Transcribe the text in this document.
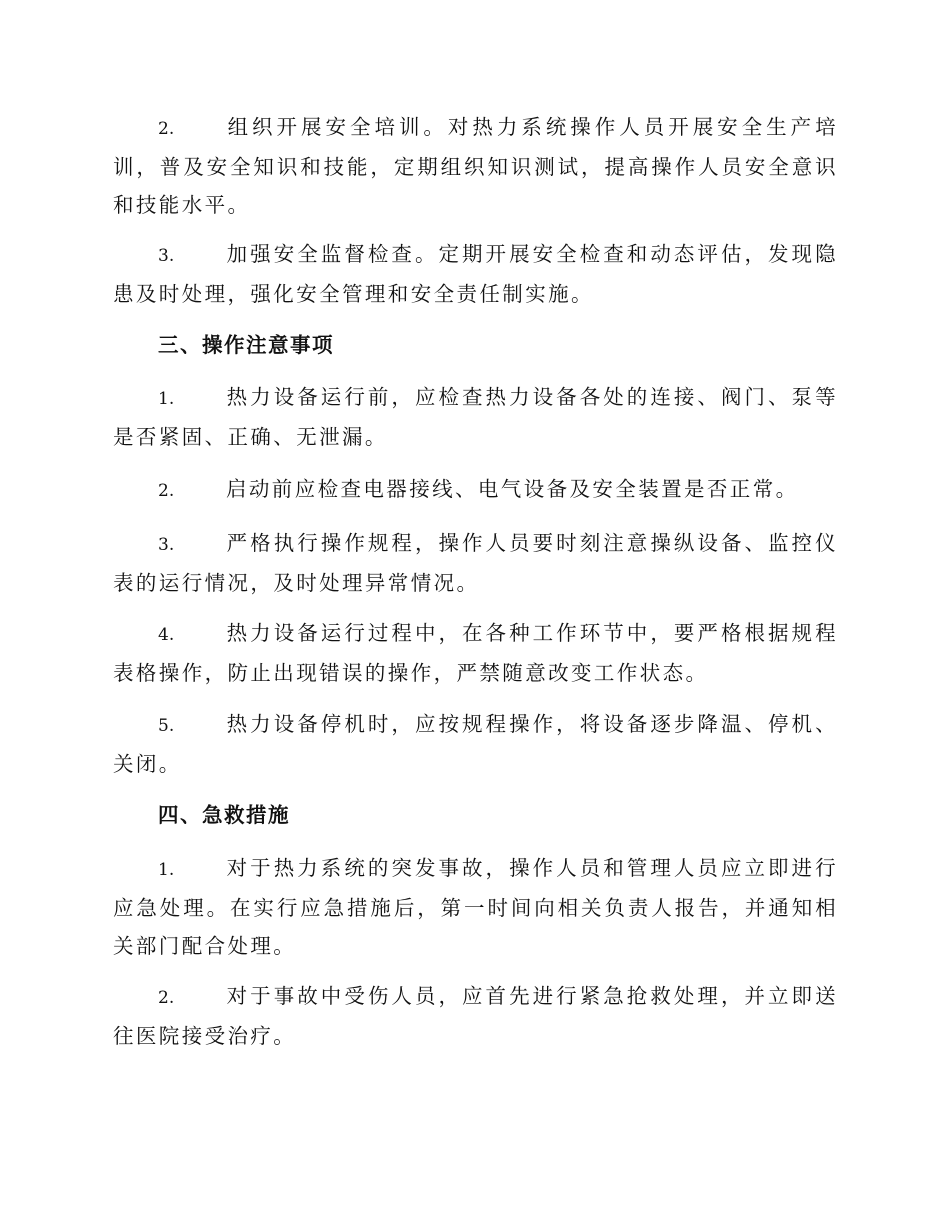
2.	组织开展安全培训。对热力系统操作人员开展安全生产培训，普及安全知识和技能，定期组织知识测试，提高操作人员安全意识和技能水平。

3.	加强安全监督检查。定期开展安全检查和动态评估，发现隐患及时处理，强化安全管理和安全责任制实施。

三、操作注意事项

1.	热力设备运行前，应检查热力设备各处的连接、阀门、泵等是否紧固、正确、无泄漏。

2.	启动前应检查电器接线、电气设备及安全装置是否正常。

3.	严格执行操作规程，操作人员要时刻注意操纵设备、监控仪表的运行情况，及时处理异常情况。

4.	热力设备运行过程中，在各种工作环节中，要严格根据规程表格操作，防止出现错误的操作，严禁随意改变工作状态。

5.	热力设备停机时，应按规程操作，将设备逐步降温、停机、关闭。

四、急救措施

1.	对于热力系统的突发事故，操作人员和管理人员应立即进行应急处理。在实行应急措施后，第一时间向相关负责人报告，并通知相关部门配合处理。

2.	对于事故中受伤人员，应首先进行紧急抢救处理，并立即送往医院接受治疗。
